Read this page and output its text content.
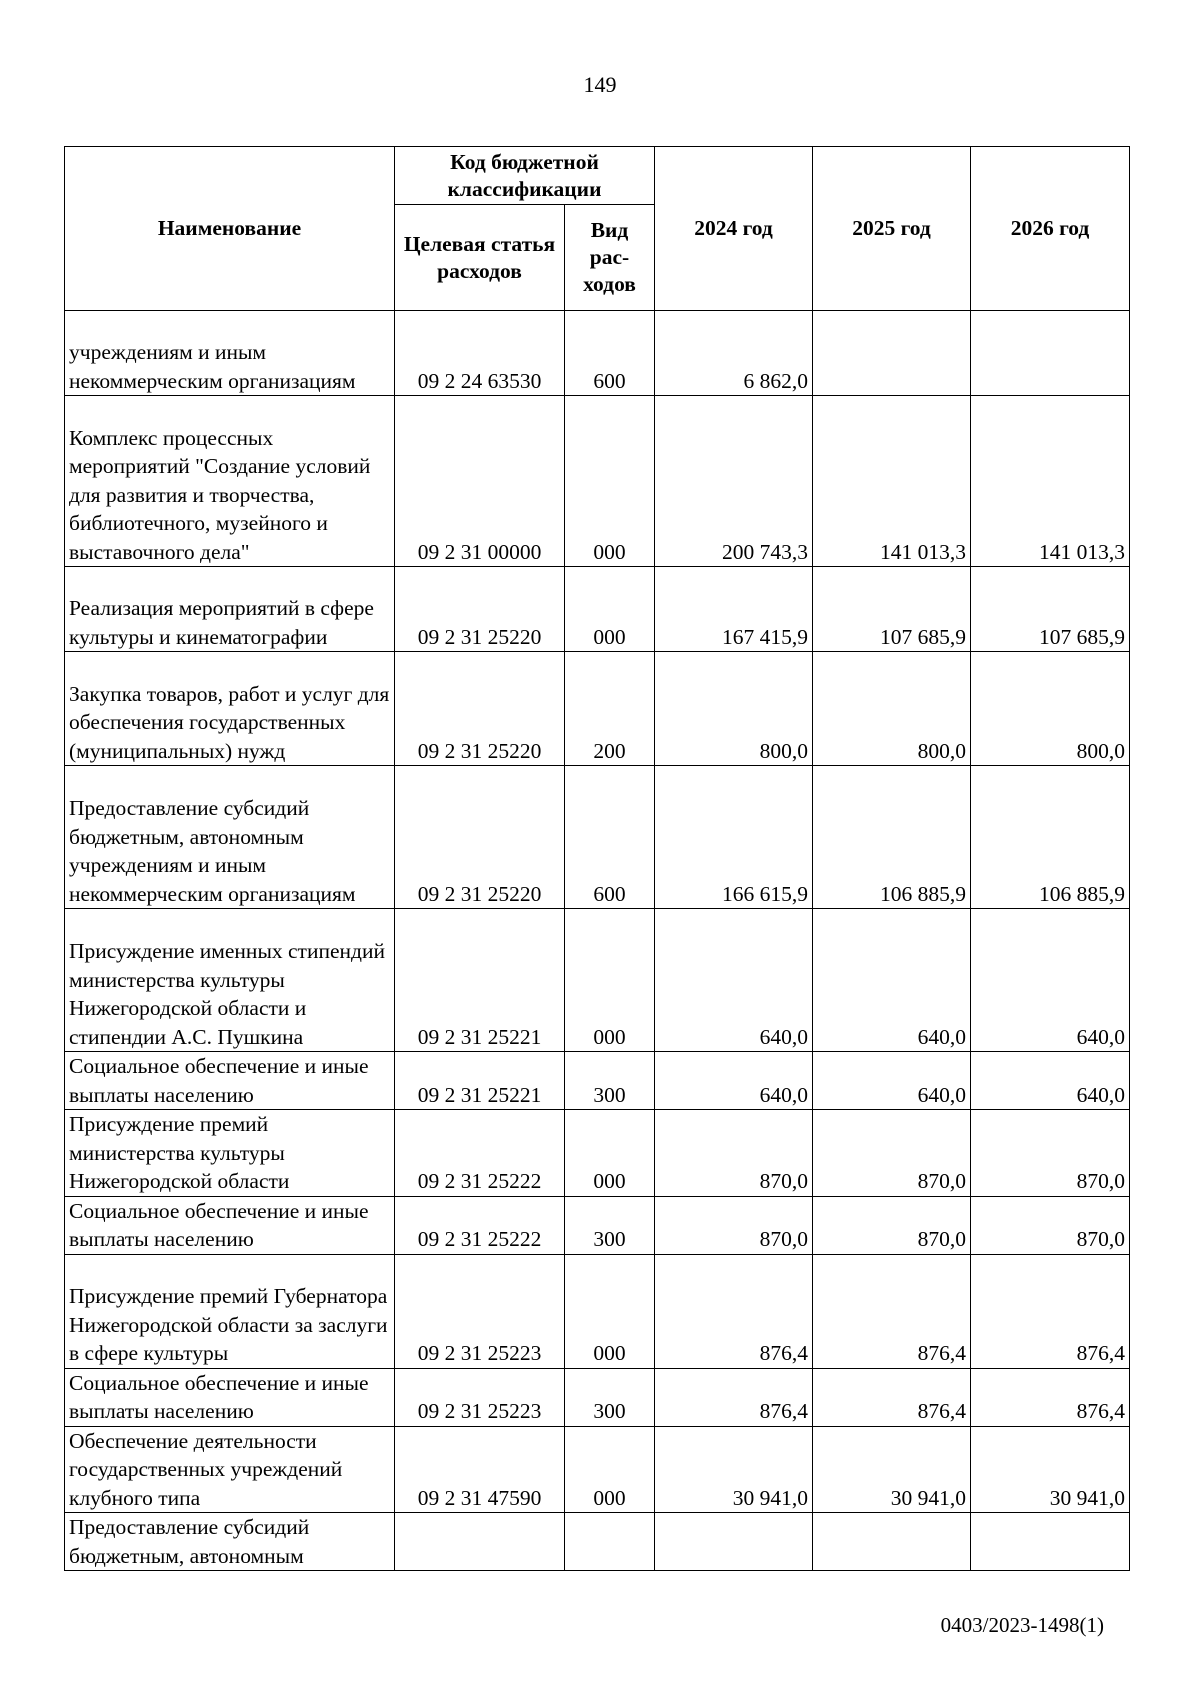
149
Наименование	Код бюджетной классификации		2024 год	2025 год	2026 год
	Целевая статья расходов	Вид рас-ходов			
учреждениям и иным некоммерческим организациям	09 2 24 63530	600	6 862,0		
Комплекс процессных мероприятий "Создание условий для развития и творчества, библиотечного, музейного и выставочного дела"	09 2 31 00000	000	200 743,3	141 013,3	141 013,3
Реализация мероприятий в сфере культуры и кинематографии	09 2 31 25220	000	167 415,9	107 685,9	107 685,9
Закупка товаров, работ и услуг для обеспечения государственных (муниципальных) нужд	09 2 31 25220	200	800,0	800,0	800,0
Предоставление субсидий бюджетным, автономным учреждениям и иным некоммерческим организациям	09 2 31 25220	600	166 615,9	106 885,9	106 885,9
Присуждение именных стипендий министерства культуры Нижегородской области и стипендии А.С. Пушкина	09 2 31 25221	000	640,0	640,0	640,0
Социальное обеспечение и иные выплаты населению	09 2 31 25221	300	640,0	640,0	640,0
Присуждение премий министерства культуры Нижегородской области	09 2 31 25222	000	870,0	870,0	870,0
Социальное обеспечение и иные выплаты населению	09 2 31 25222	300	870,0	870,0	870,0
Присуждение премий Губернатора Нижегородской области за заслуги в сфере культуры	09 2 31 25223	000	876,4	876,4	876,4
Социальное обеспечение и иные выплаты населению	09 2 31 25223	300	876,4	876,4	876,4
Обеспечение деятельности государственных учреждений клубного типа	09 2 31 47590	000	30 941,0	30 941,0	30 941,0
Предоставление субсидий бюджетным, автономным					
0403/2023-1498(1)
